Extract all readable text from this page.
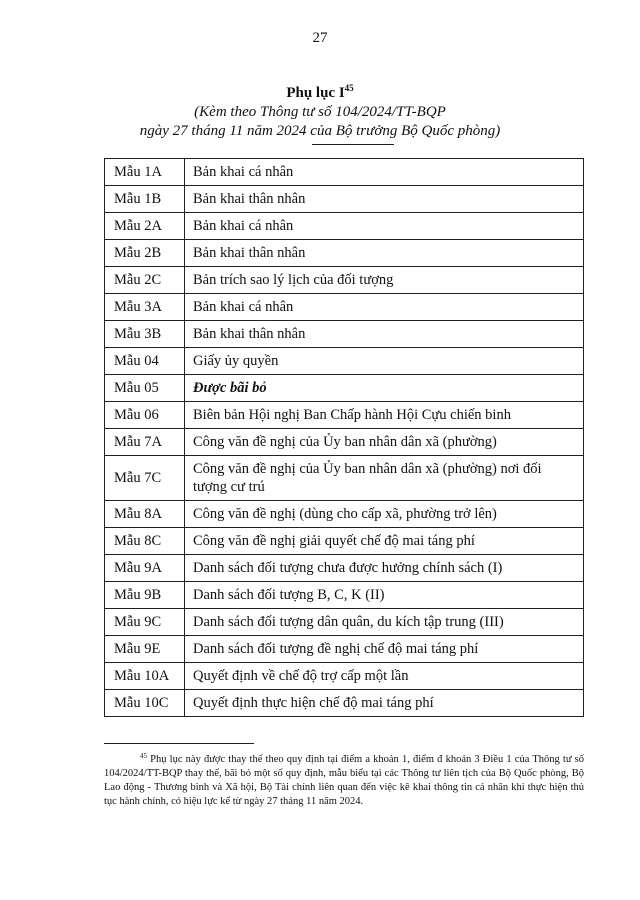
27
Phụ lục $I^{45}$
(Kèm theo Thông tư số 104/2024/TT-BQP
ngày 27 tháng 11 năm 2024 của Bộ trưởng Bộ Quốc phòng)
Mẫu 1A	Bản khai cá nhân
Mẫu 1B	Bản khai thân nhân
Mẫu 2A	Bản khai cá nhân
Mẫu 2B	Bản khai thân nhân
Mẫu 2C	Bản trích sao lý lịch của đối tượng
Mẫu 3A	Bản khai cá nhân
Mẫu 3B	Bản khai thân nhân
Mẫu 04	Giấy ủy quyền
Mẫu 05	Được bãi bỏ
Mẫu 06	Biên bản Hội nghị Ban Chấp hành Hội Cựu chiến binh
Mẫu 7A	Công văn đề nghị của Ủy ban nhân dân xã (phường)
Mẫu 7C	Công văn đề nghị của Ủy ban nhân dân xã (phường) nơi đối tượng cư trú
Mẫu 8A	Công văn đề nghị (dùng cho cấp xã, phường trở lên)
Mẫu 8C	Công văn đề nghị giải quyết chế độ mai táng phí
Mẫu 9A	Danh sách đối tượng chưa được hưởng chính sách (I)
Mẫu 9B	Danh sách đối tượng B, C, K (II)
Mẫu 9C	Danh sách đối tượng dân quân, du kích tập trung (III)
Mẫu 9E	Danh sách đối tượng đề nghị chế độ mai táng phí
Mẫu 10A	Quyết định về chế độ trợ cấp một lần
Mẫu 10C	Quyết định thực hiện chế độ mai táng phí
$^{45}$ Phụ lục này được thay thế theo quy định tại điểm a khoản 1, điểm đ khoản 3 Điều 1 của Thông tư số 104/2024/TT-BQP thay thế, bãi bỏ một số quy định, mẫu biểu tại các Thông tư liên tịch của Bộ Quốc phòng, Bộ Lao động - Thương binh và Xã hội, Bộ Tài chính liên quan đến việc kê khai thông tin cá nhân khi thực hiện thủ tục hành chính, có hiệu lực kể từ ngày 27 tháng 11 năm 2024.
